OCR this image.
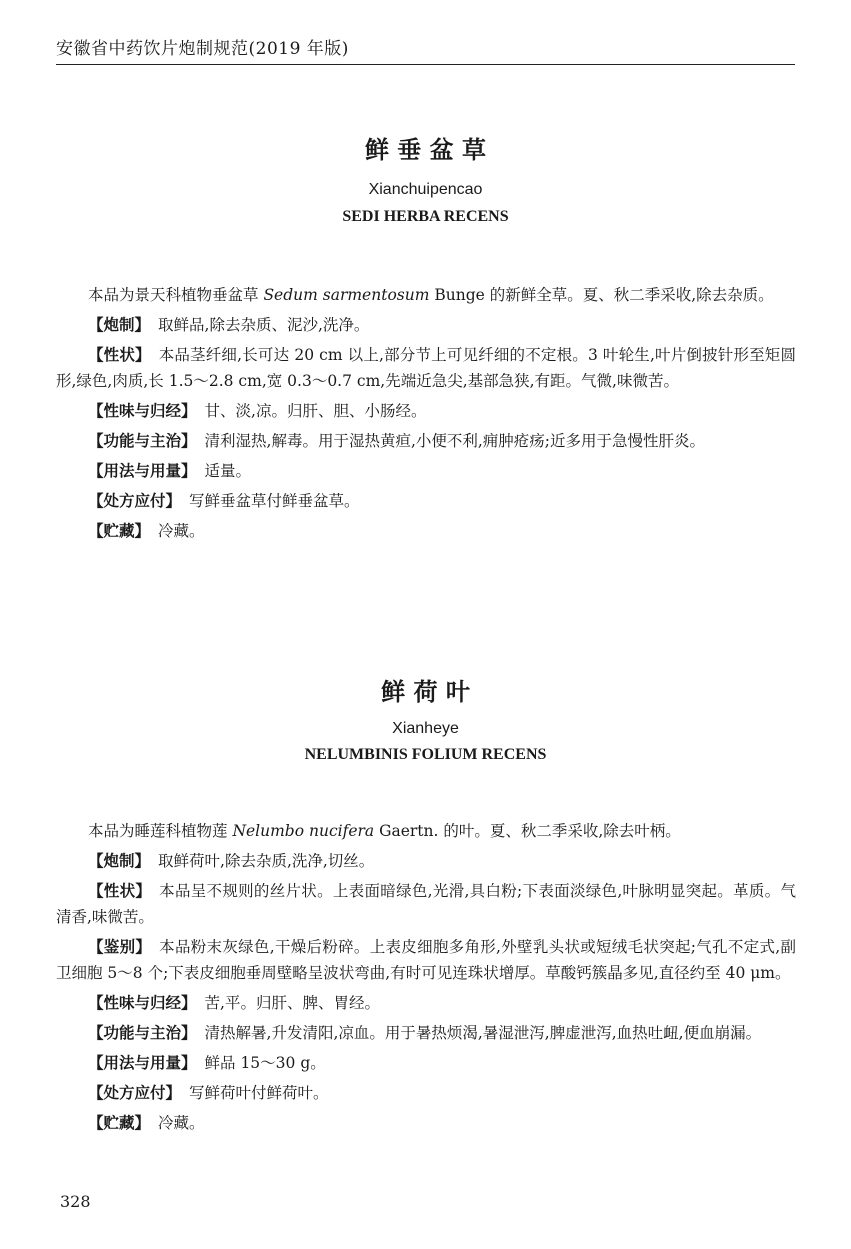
安徽省中药饮片炮制规范(2019 年版)
鲜 垂 盆 草
Xianchuipencao
SEDI HERBA RECENS

本品为景天科植物垂盆草 Sedum sarmentosum Bunge 的新鲜全草。夏、秋二季采收,除去杂质。

【炮制】 取鲜品,除去杂质、泥沙,洗净。

【性状】 本品茎纤细,长可达 20 cm 以上,部分节上可见纤细的不定根。3 叶轮生,叶片倒披针形至矩圆形,绿色,肉质,长 1.5～2.8 cm,宽 0.3～0.7 cm,先端近急尖,基部急狭,有距。气微,味微苦。

【性味与归经】 甘、淡,凉。归肝、胆、小肠经。

【功能与主治】 清利湿热,解毒。用于湿热黄疸,小便不利,痈肿疮疡;近多用于急慢性肝炎。

【用法与用量】 适量。

【处方应付】 写鲜垂盆草付鲜垂盆草。

【贮藏】 冷藏。

鲜 荷 叶
Xianheye
NELUMBINIS FOLIUM RECENS

本品为睡莲科植物莲 Nelumbo nucifera Gaertn. 的叶。夏、秋二季采收,除去叶柄。

【炮制】 取鲜荷叶,除去杂质,洗净,切丝。

【性状】 本品呈不规则的丝片状。上表面暗绿色,光滑,具白粉;下表面淡绿色,叶脉明显突起。革质。气清香,味微苦。

【鉴别】 本品粉末灰绿色,干燥后粉碎。上表皮细胞多角形,外壁乳头状或短绒毛状突起;气孔不定式,副卫细胞 5～8 个;下表皮细胞垂周壁略呈波状弯曲,有时可见连珠状增厚。草酸钙簇晶多见,直径约至 40 μm。

【性味与归经】 苦,平。归肝、脾、胃经。

【功能与主治】 清热解暑,升发清阳,凉血。用于暑热烦渴,暑湿泄泻,脾虚泄泻,血热吐衄,便血崩漏。

【用法与用量】 鲜品 15～30 g。

【处方应付】 写鲜荷叶付鲜荷叶。

【贮藏】 冷藏。

328
